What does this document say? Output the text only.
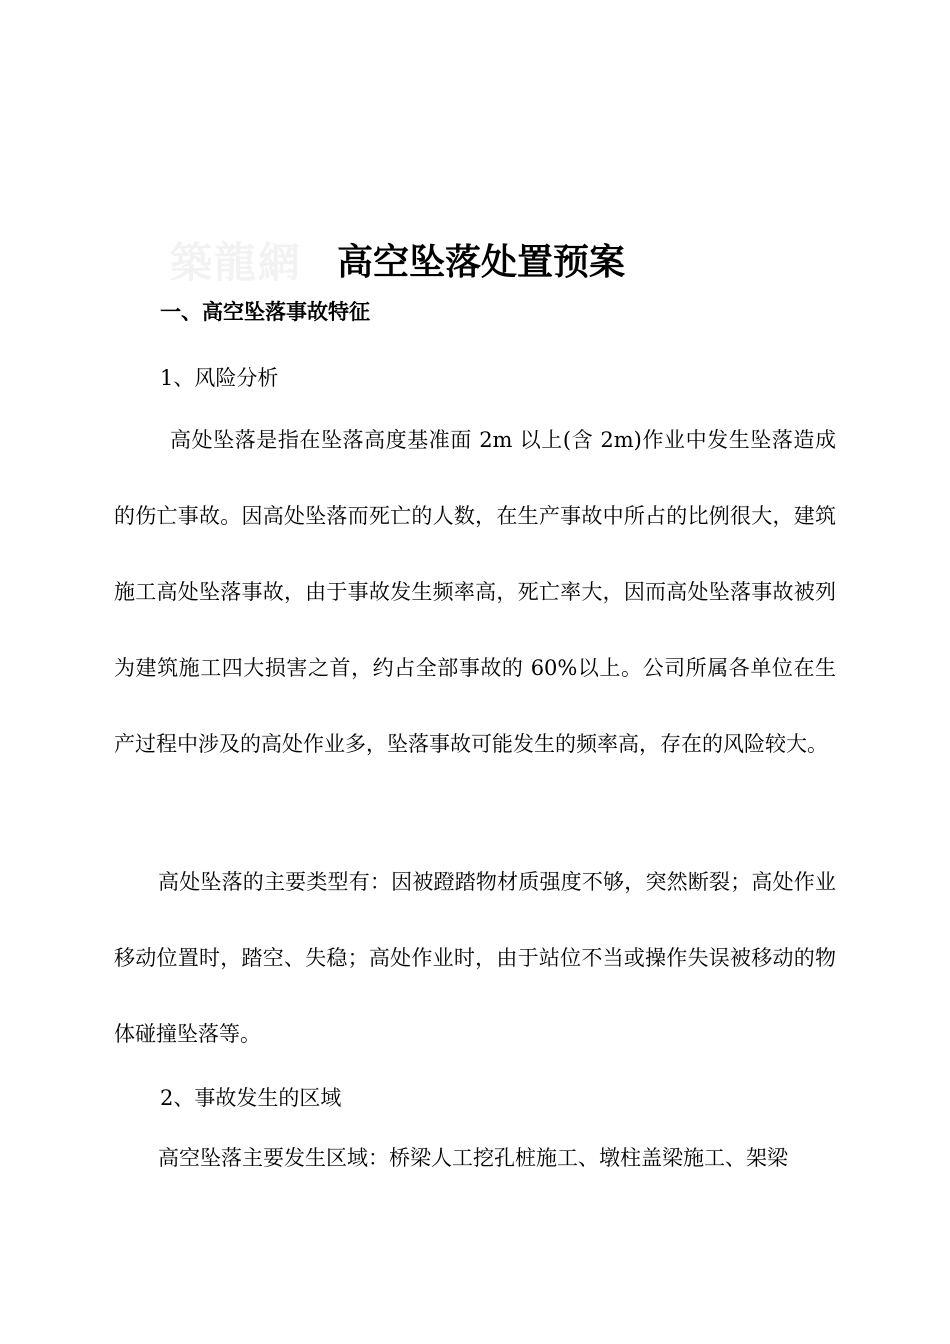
築龍網 高空坠落处置预案
一、高空坠落事故特征
1、风险分析

高处坠落是指在坠落高度基准面 2m 以上(含 2m)作业中发生坠落造成的伤亡事故。因高处坠落而死亡的人数，在生产事故中所占的比例很大，建筑施工高处坠落事故，由于事故发生频率高，死亡率大，因而高处坠落事故被列为建筑施工四大损害之首，约占全部事故的 60%以上。公司所属各单位在生产过程中涉及的高处作业多，坠落事故可能发生的频率高，存在的风险较大。

高处坠落的主要类型有：因被蹬踏物材质强度不够，突然断裂；高处作业移动位置时，踏空、失稳；高处作业时，由于站位不当或操作失误被移动的物体碰撞坠落等。

2、事故发生的区域

高空坠落主要发生区域：桥梁人工挖孔桩施工、墩柱盖梁施工、架梁
